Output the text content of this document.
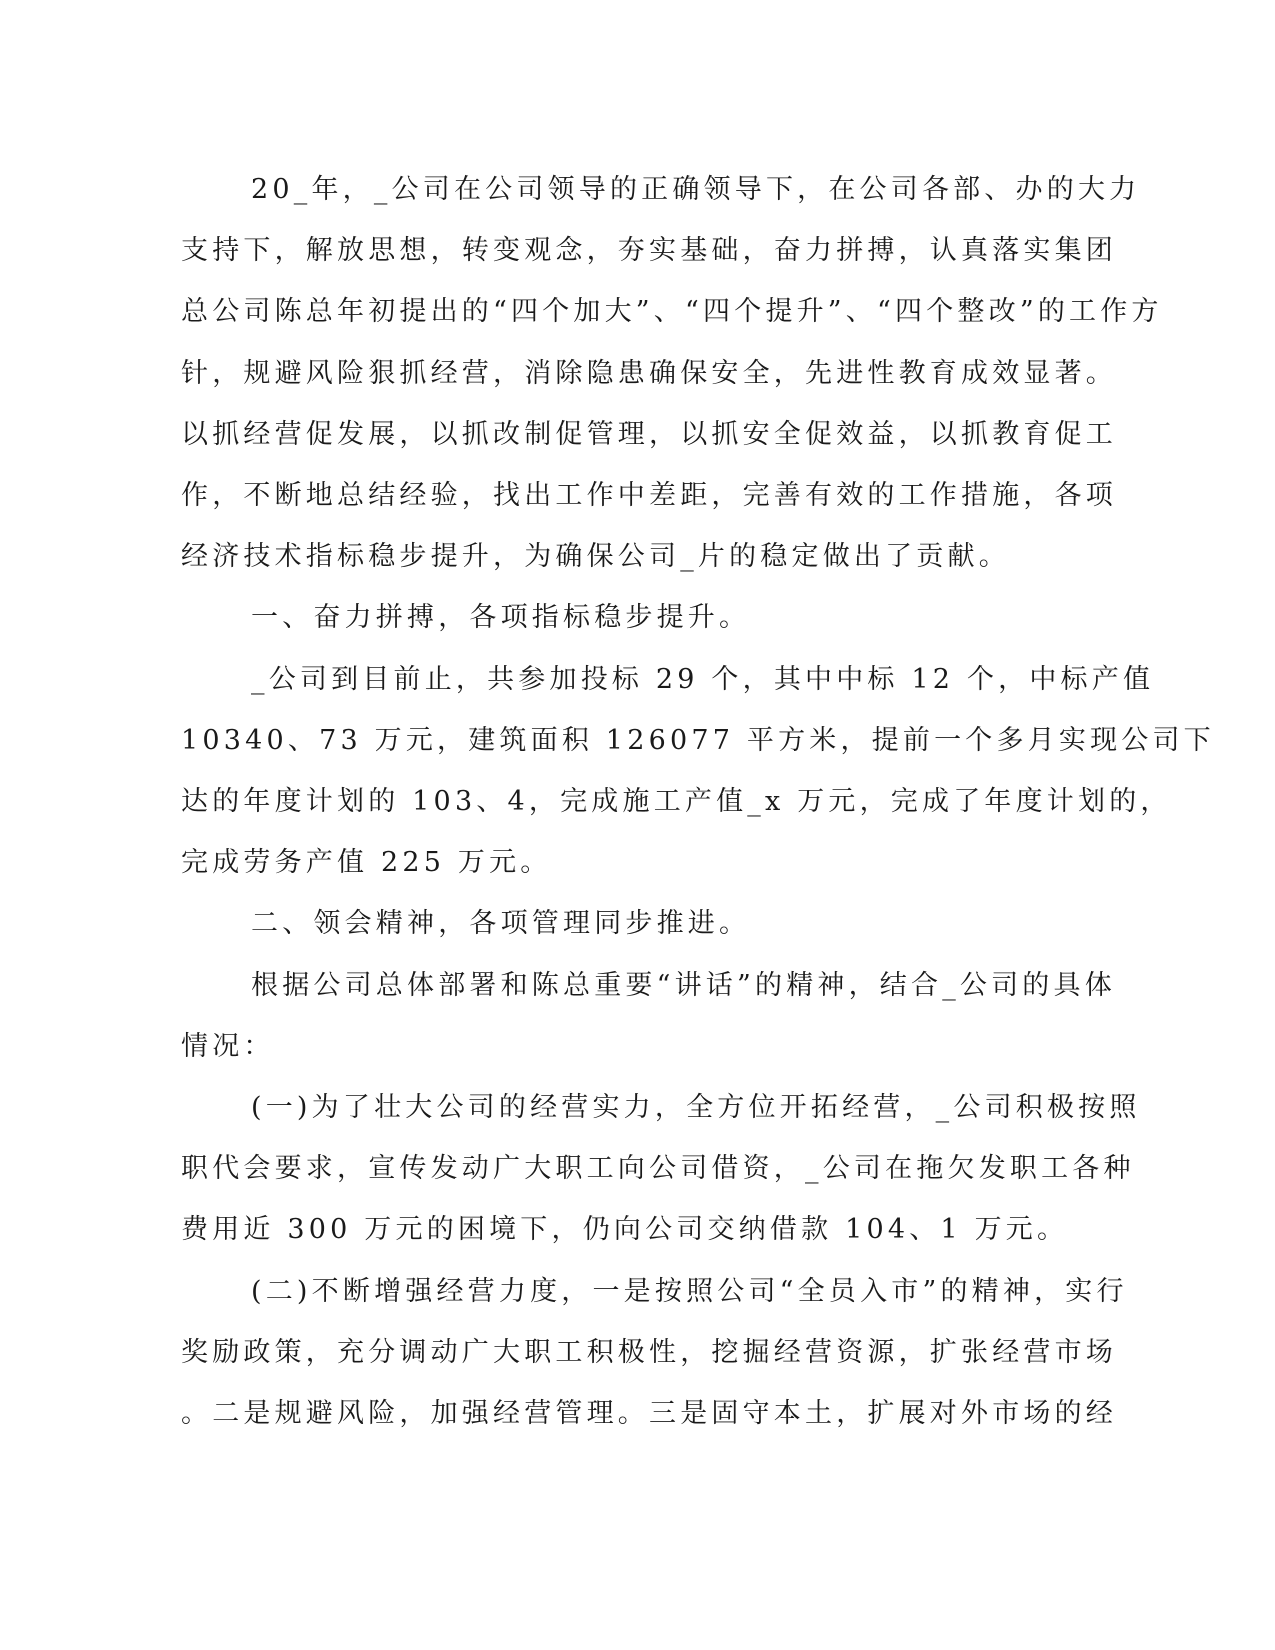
20_年，_公司在公司领导的正确领导下，在公司各部、办的大力
支持下，解放思想，转变观念，夯实基础，奋力拼搏，认真落实集团
总公司陈总年初提出的“四个加大”、“四个提升”、“四个整改”的工作方
针，规避风险狠抓经营，消除隐患确保安全，先进性教育成效显著。
以抓经营促发展，以抓改制促管理，以抓安全促效益，以抓教育促工
作，不断地总结经验，找出工作中差距，完善有效的工作措施，各项
经济技术指标稳步提升，为确保公司_片的稳定做出了贡献。
一、奋力拼搏，各项指标稳步提升。
_公司到目前止，共参加投标 29 个，其中中标 12 个，中标产值
10340、73 万元，建筑面积 126077 平方米，提前一个多月实现公司下
达的年度计划的 103、4，完成施工产值_x 万元，完成了年度计划的，
完成劳务产值 225 万元。
二、领会精神，各项管理同步推进。
根据公司总体部署和陈总重要“讲话”的精神，结合_公司的具体
情况：
(一)为了壮大公司的经营实力，全方位开拓经营，_公司积极按照
职代会要求，宣传发动广大职工向公司借资，_公司在拖欠发职工各种
费用近 300 万元的困境下，仍向公司交纳借款 104、1 万元。
(二)不断增强经营力度，一是按照公司“全员入市”的精神，实行
奖励政策，充分调动广大职工积极性，挖掘经营资源，扩张经营市场
。二是规避风险，加强经营管理。三是固守本土，扩展对外市场的经
